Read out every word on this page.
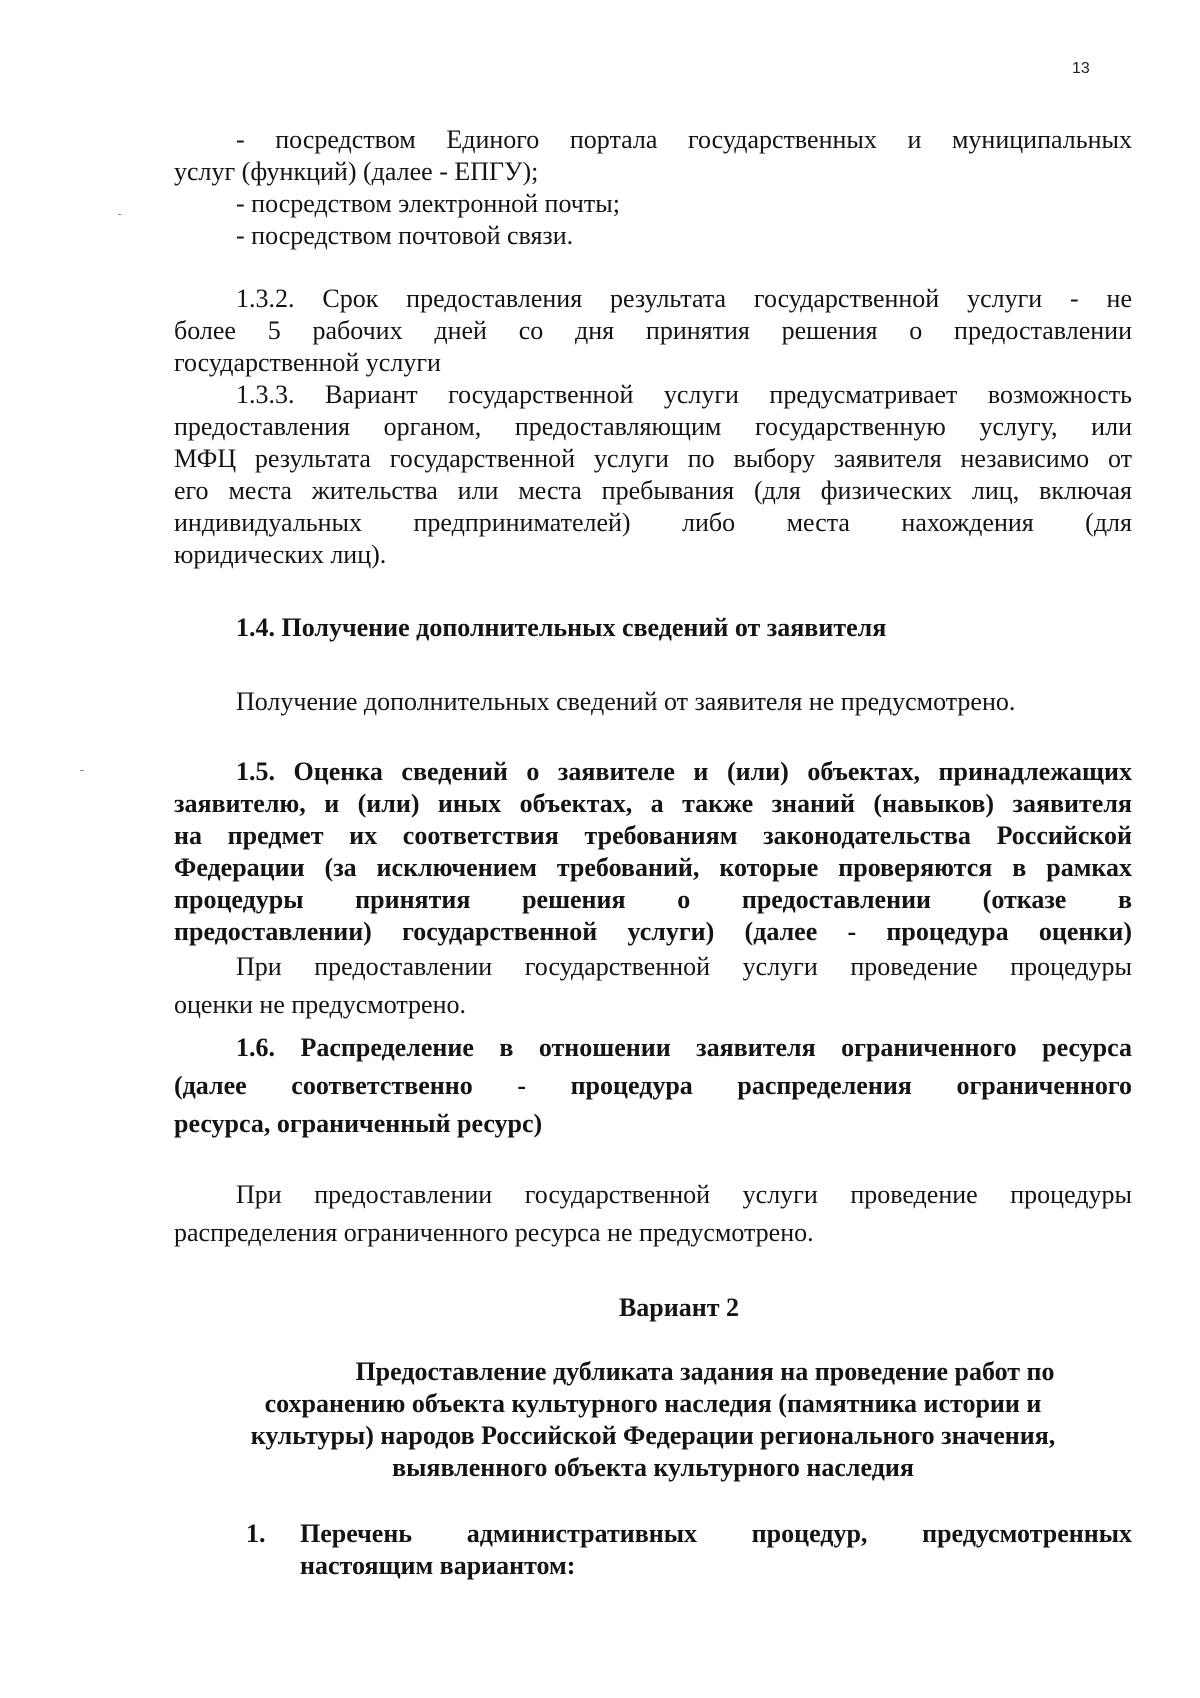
13

- посредством Единого портала государственных и муниципальных

услуг (функций) (далее - ЕПГУ);

- посредством электронной почты;

- посредством почтовой связи.

1.3.2. Срок предоставления результата государственной услуги - не

более 5 рабочих дней со дня принятия решения о предоставлении

государственной услуги

1.3.3. Вариант государственной услуги предусматривает возможность

предоставления органом, предоставляющим государственную услугу, или

МФЦ результата государственной услуги по выбору заявителя независимо от

его места жительства или места пребывания (для физических лиц, включая

индивидуальных предпринимателей) либо места нахождения (для

юридических лиц).

1.4. Получение дополнительных сведений от заявителя

Получение дополнительных сведений от заявителя не предусмотрено.

1.5. Оценка сведений о заявителе и (или) объектах, принадлежащих

заявителю, и (или) иных объектах, а также знаний (навыков) заявителя

на предмет их соответствия требованиям законодательства Российской

Федерации (за исключением требований, которые проверяются в рамках

процедуры принятия решения о предоставлении (отказе в

предоставлении) государственной услуги) (далее - процедура оценки)

При предоставлении государственной услуги проведение процедуры

оценки не предусмотрено.

1.6. Распределение в отношении заявителя ограниченного ресурса

(далее соответственно - процедура распределения ограниченного

ресурса, ограниченный ресурс)

При предоставлении государственной услуги проведение процедуры

распределения ограниченного ресурса не предусмотрено.

Вариант 2

Предоставление дубликата задания на проведение работ по

сохранению объекта культурного наследия (памятника истории и

культуры) народов Российской Федерации регионального значения,

выявленного объекта культурного наследия

1. Перечень административных процедур, предусмотренных

настоящим вариантом:
